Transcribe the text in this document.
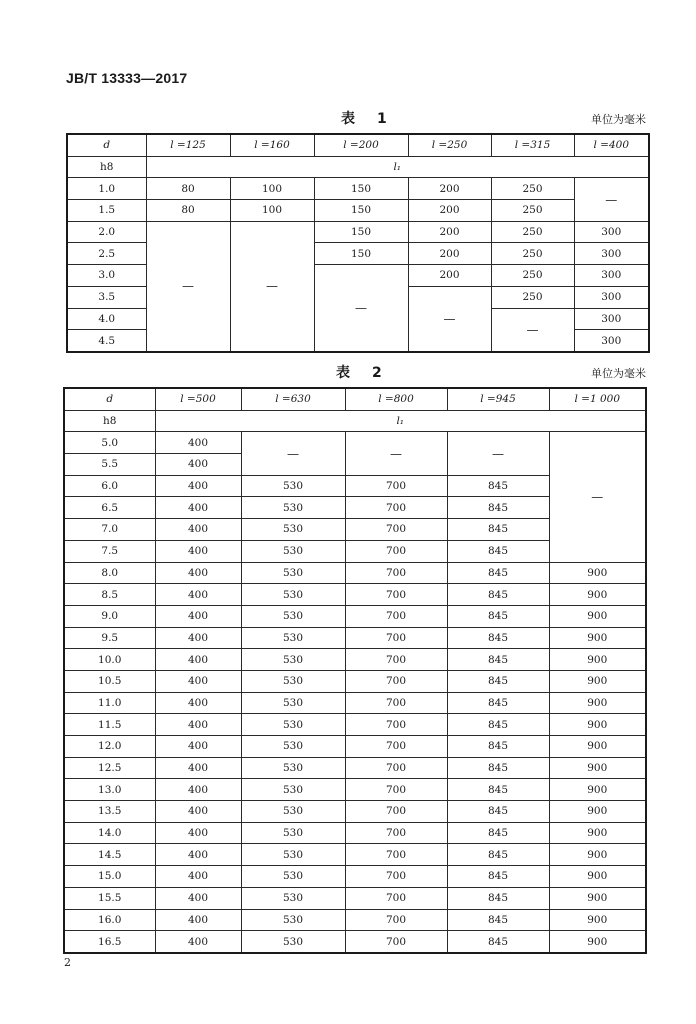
JB/T 13333—2017
表　1	单位为毫米
d	l =125	l =160	l =200	l =250	l =315	l =400
h8	l₁					
1.0	80	100	150	200	250	—
1.5	80	100	150	200	250	
2.0	—	—	150	200	250	300
2.5			150	200	250	300
3.0			—	200	250	300
3.5				—	250	300
4.0					—	300
4.5						300
表　2	单位为毫米
d	l =500	l =630	l =800	l =945	l =1 000
h8	l₁				
5.0	400	—	—	—	—
5.5	400				
6.0	400	530	700	845	
6.5	400	530	700	845	
7.0	400	530	700	845	
7.5	400	530	700	845	
8.0	400	530	700	845	900
8.5	400	530	700	845	900
9.0	400	530	700	845	900
9.5	400	530	700	845	900
10.0	400	530	700	845	900
10.5	400	530	700	845	900
11.0	400	530	700	845	900
11.5	400	530	700	845	900
12.0	400	530	700	845	900
12.5	400	530	700	845	900
13.0	400	530	700	845	900
13.5	400	530	700	845	900
14.0	400	530	700	845	900
14.5	400	530	700	845	900
15.0	400	530	700	845	900
15.5	400	530	700	845	900
16.0	400	530	700	845	900
16.5	400	530	700	845	900
2
